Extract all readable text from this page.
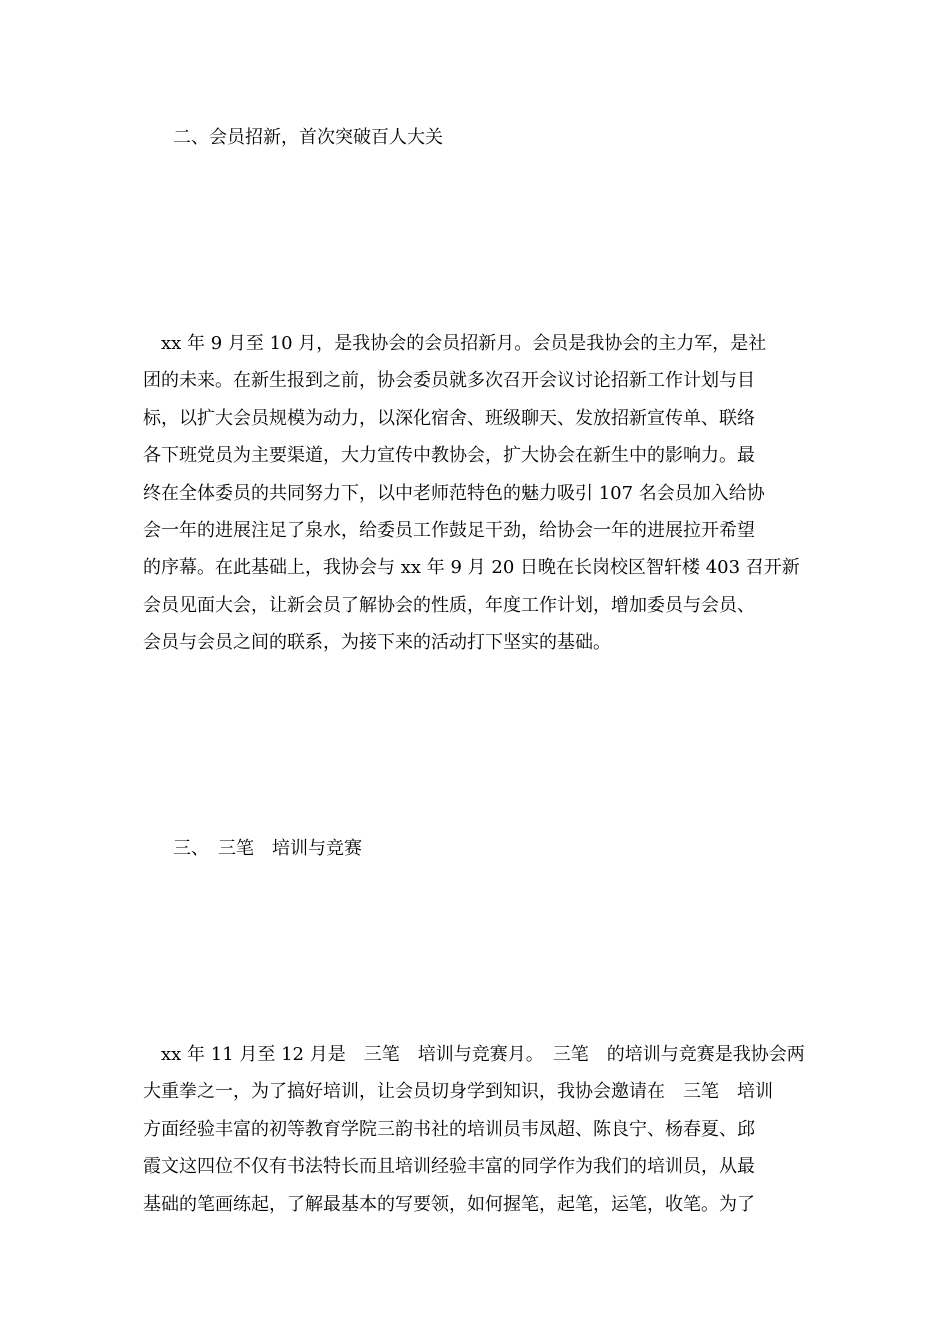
二、会员招新，首次突破百人大关
　xx 年 9 月至 10 月，是我协会的会员招新月。会员是我协会的主力军，是社
团的未来。在新生报到之前，协会委员就多次召开会议讨论招新工作计划与目
标，以扩大会员规模为动力，以深化宿舍、班级聊天、发放招新宣传单、联络
各下班党员为主要渠道，大力宣传中教协会，扩大协会在新生中的影响力。最
终在全体委员的共同努力下，以中老师范特色的魅力吸引 107 名会员加入给协
会一年的进展注足了泉水，给委员工作鼓足干劲，给协会一年的进展拉开希望
的序幕。在此基础上，我协会与 xx 年 9 月 20 日晚在长岗校区智轩楼 403 召开新
会员见面大会，让新会员了解协会的性质，年度工作计划，增加委员与会员、
会员与会员之间的联系，为接下来的活动打下坚实的基础。
三、　三笔　培训与竞赛
　xx 年 11 月至 12 月是　三笔　培训与竞赛月。　三笔　的培训与竞赛是我协会两
大重拳之一，为了搞好培训，让会员切身学到知识，我协会邀请在　三笔　培训
方面经验丰富的初等教育学院三韵书社的培训员韦凤超、陈良宁、杨春夏、邱
霞文这四位不仅有书法特长而且培训经验丰富的同学作为我们的培训员，从最
基础的笔画练起，了解最基本的写要领，如何握笔，起笔，运笔，收笔。为了
